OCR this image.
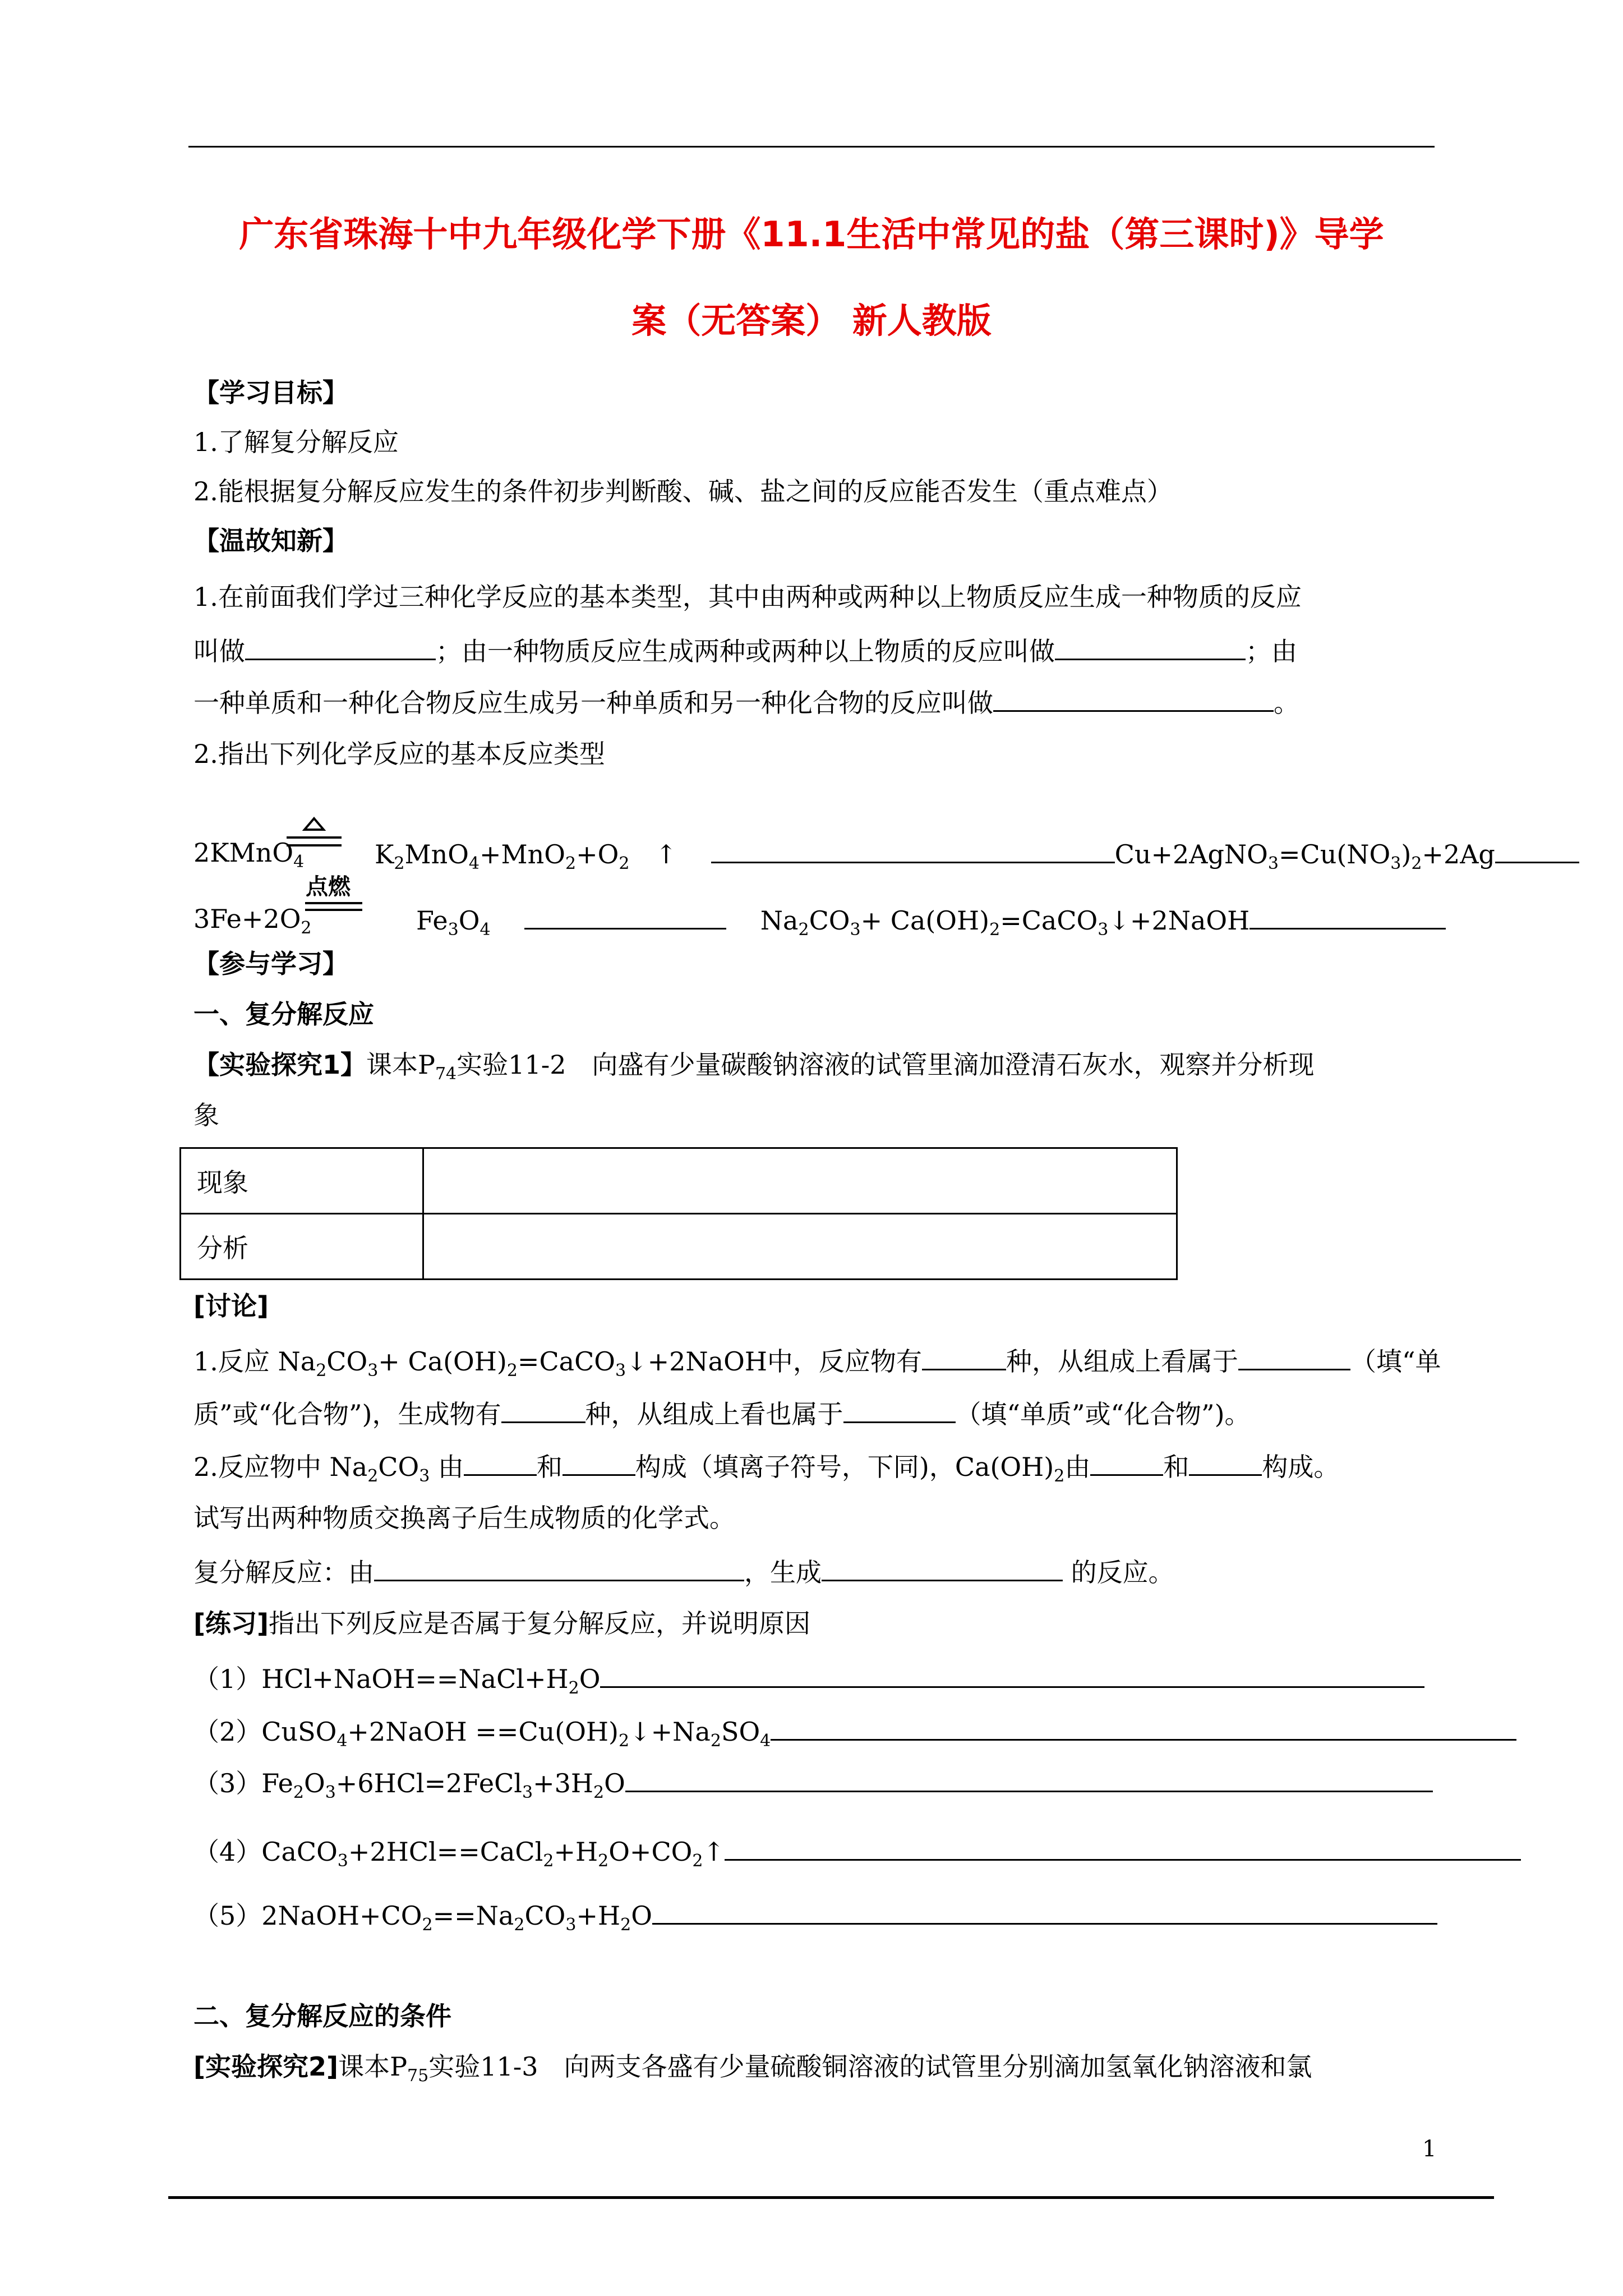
广东省珠海十中九年级化学下册《11.1生活中常见的盐（第三课时)》导学
案（无答案） 新人教版
【学习目标】
1.了解复分解反应
2.能根据复分解反应发生的条件初步判断酸、碱、盐之间的反应能否发生（重点难点）
【温故知新】
1.在前面我们学过三种化学反应的基本类型，其中由两种或两种以上物质反应生成一种物质的反应
叫做	；由一种物质反应生成两种或两种以上物质的反应叫做	；由
一种单质和一种化合物反应生成另一种单质和另一种化合物的反应叫做	。
2.指出下列化学反应的基本反应类型
2KMnO$_4$	$K_2MnO_4+MnO_2+O_2$　 ↑ 　	$Cu+2AgNO_3=Cu(NO_3)_2+2Ag$
点燃
$3Fe+2O_2$	$Fe_3O_4$ 　 　	$Na_2CO_3+$ $Ca(OH)_2=CaCO_3↓+2NaOH$
【参与学习】
一、复分解反应
【实验探究1】课本$P_{74}$实验11-2　向盛有少量碳酸钠溶液的试管里滴加澄清石灰水，观察并分析现
象
现象	
分析	
[讨论]
1.反应 $Na_2CO_3+$ $Ca(OH)_2=CaCO_3↓+2NaOH$中，反应物有	种，从组成上看属于	（填“单
质”或“化合物”)，生成物有	种，从组成上看也属于	（填“单质”或“化合物”)。
2.反应物中 $Na_2CO_3$ 由	和	构成（填离子符号，下同)，$Ca(OH)_2$由	和	构成。
试写出两种物质交换离子后生成物质的化学式。
复分解反应：由	，生成	的反应。
[练习]指出下列反应是否属于复分解反应，并说明原因
$(1)HCl+NaOH==NaCl+H_2O$
（2）CuSO$_4$+2NaOH $==Cu(OH)_2↓+Na_2SO_4$
$(3)Fe_2O_3+6HCl=2FeCl_3+3H_2O$
$(4)CaCO_3+2HCl==CaCl_2+H_2O+CO_2↑$
$(5)2NaOH+CO_2==Na_2CO_3+H_2O$
二、复分解反应的条件
[实验探究2]课本$P_{75}$实验11-3　向两支各盛有少量硫酸铜溶液的试管里分别滴加氢氧化钠溶液和氯
1
